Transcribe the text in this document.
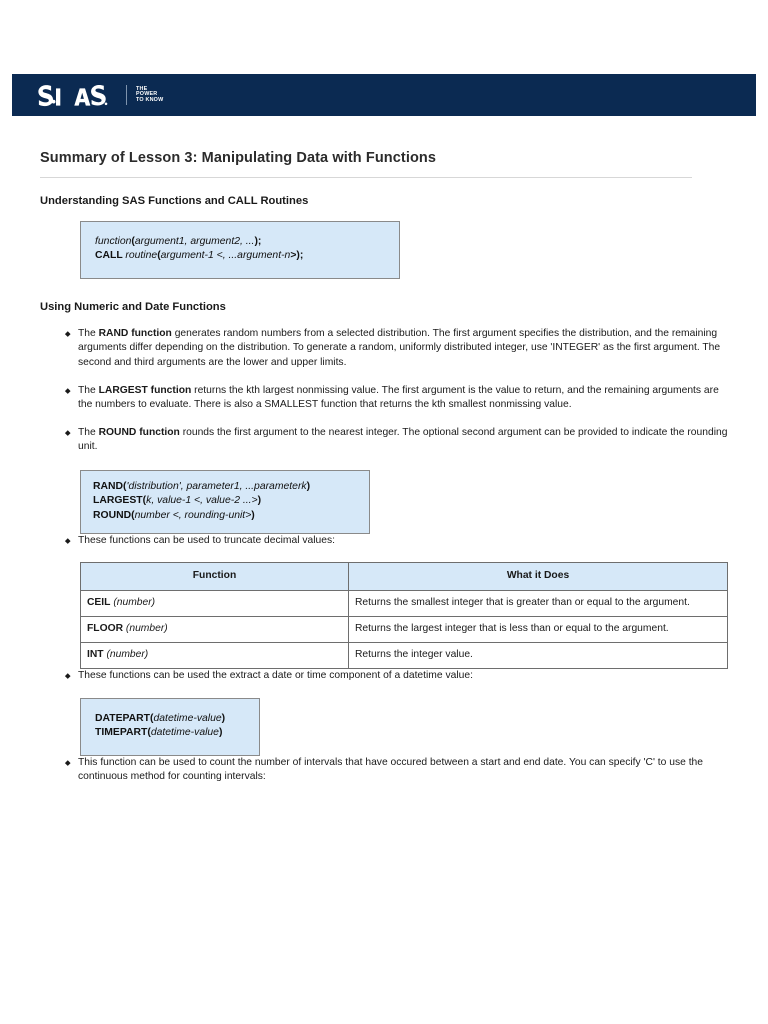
THE
POWER
TO KNOW
Summary of Lesson 3: Manipulating Data with Functions
Understanding SAS Functions and CALL Routines
function(argument1, argument2, ...);
CALL routine(argument-1 <, ...argument-n>);
Using Numeric and Date Functions
The RAND function generates random numbers from a selected distribution. The first argument specifies the distribution, and the remaining arguments differ depending on the distribution. To generate a random, uniformly distributed integer, use 'INTEGER' as the first argument. The second and third arguments are the lower and upper limits.
The LARGEST function returns the kth largest nonmissing value. The first argument is the value to return, and the remaining arguments are the numbers to evaluate. There is also a SMALLEST function that returns the kth smallest nonmissing value.
The ROUND function rounds the first argument to the nearest integer. The optional second argument can be provided to indicate the rounding unit.
RAND('distribution', parameter1, ...parameterk)
LARGEST(k, value-1 <, value-2 ...>)
ROUND(number <, rounding-unit>)
These functions can be used to truncate decimal values:
Function	What it Does
CEIL (number)	Returns the smallest integer that is greater than or equal to the argument.
FLOOR (number)	Returns the largest integer that is less than or equal to the argument.
INT (number)	Returns the integer value.
These functions can be used the extract a date or time component of a datetime value:
DATEPART(datetime-value)
TIMEPART(datetime-value)
This function can be used to count the number of intervals that have occured between a start and end date. You can specify 'C' to use the continuous method for counting intervals:
